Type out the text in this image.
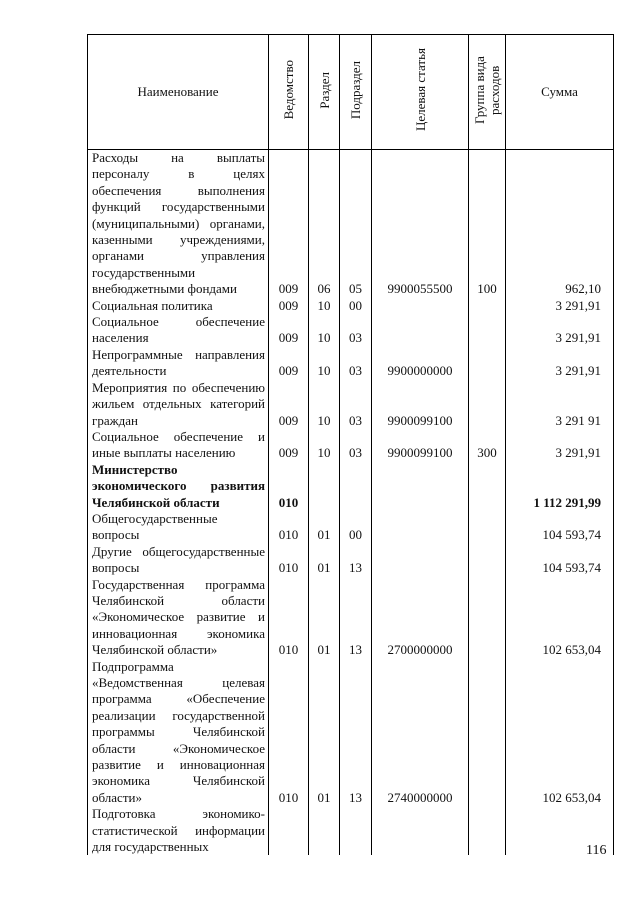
Наименование	Ведомство	Раздел	Подраздел	Целевая статья	Группа вида расходов	Сумма
Расходы на выплаты персоналу в целях обеспечения выполнения функций государственными (муниципальными) органами, казенными учреждениями, органами управления государственными внебюджетными фондами	009	06	05	9900055500	100	962,10
Социальная политика	009	10	00			3 291,91
Социальное обеспечение населения	009	10	03			3 291,91
Непрограммные направления деятельности	009	10	03	9900000000		3 291,91
Мероприятия по обеспечению жильем отдельных категорий граждан	009	10	03	9900099100		3 291 91
Социальное обеспечение и иные выплаты населению	009	10	03	9900099100	300	3 291,91
Министерство экономического развития Челябинской области	010					1 112 291,99
Общегосударственные вопросы	010	01	00			104 593,74
Другие общегосударственные вопросы	010	01	13			104 593,74
Государственная программа Челябинской области «Экономическое развитие и инновационная экономика Челябинской области»	010	01	13	2700000000		102 653,04
Подпрограмма «Ведомственная целевая программа «Обеспечение реализации государственной программы Челябинской области «Экономическое развитие и инновационная экономика Челябинской области»	010	01	13	2740000000		102 653,04
Подготовка экономико-статистической информации для государственных							116
